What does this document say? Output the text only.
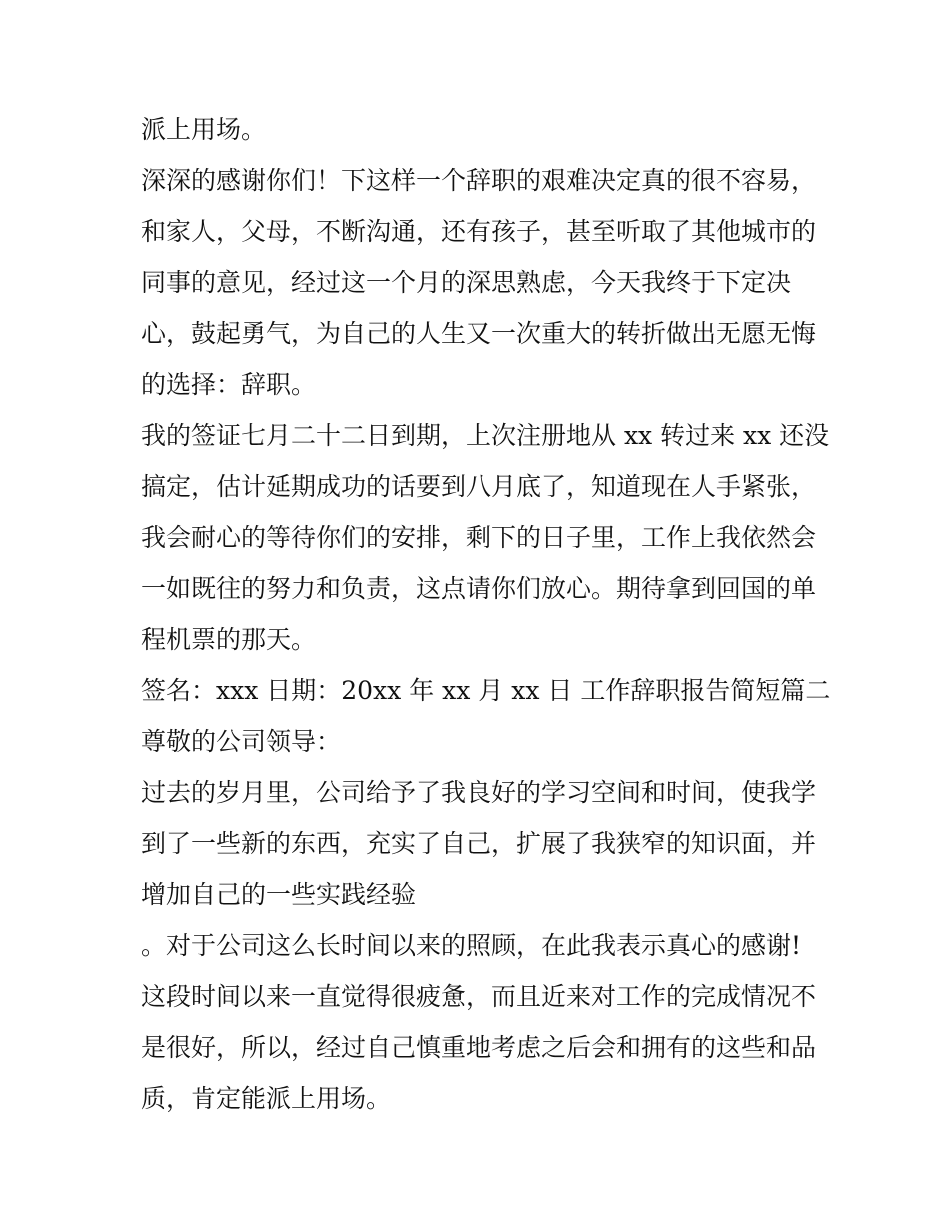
派上用场。
深深的感谢你们！下这样一个辞职的艰难决定真的很不容易，
和家人，父母，不断沟通，还有孩子，甚至听取了其他城市的
同事的意见，经过这一个月的深思熟虑，今天我终于下定决
心，鼓起勇气，为自己的人生又一次重大的转折做出无愿无悔
的选择：辞职。
我的签证七月二十二日到期，上次注册地从 xx 转过来 xx 还没
搞定，估计延期成功的话要到八月底了，知道现在人手紧张，
我会耐心的等待你们的安排，剩下的日子里，工作上我依然会
一如既往的努力和负责，这点请你们放心。期待拿到回国的单
程机票的那天。
签名：xxx 日期：20xx 年 xx 月 xx 日 工作辞职报告简短篇二
尊敬的公司领导：
过去的岁月里，公司给予了我良好的学习空间和时间，使我学
到了一些新的东西，充实了自己，扩展了我狭窄的知识面，并
增加自己的一些实践经验
。对于公司这么长时间以来的照顾，在此我表示真心的感谢!
这段时间以来一直觉得很疲惫，而且近来对工作的完成情况不
是很好，所以，经过自己慎重地考虑之后会和拥有的这些和品
质，肯定能派上用场。
